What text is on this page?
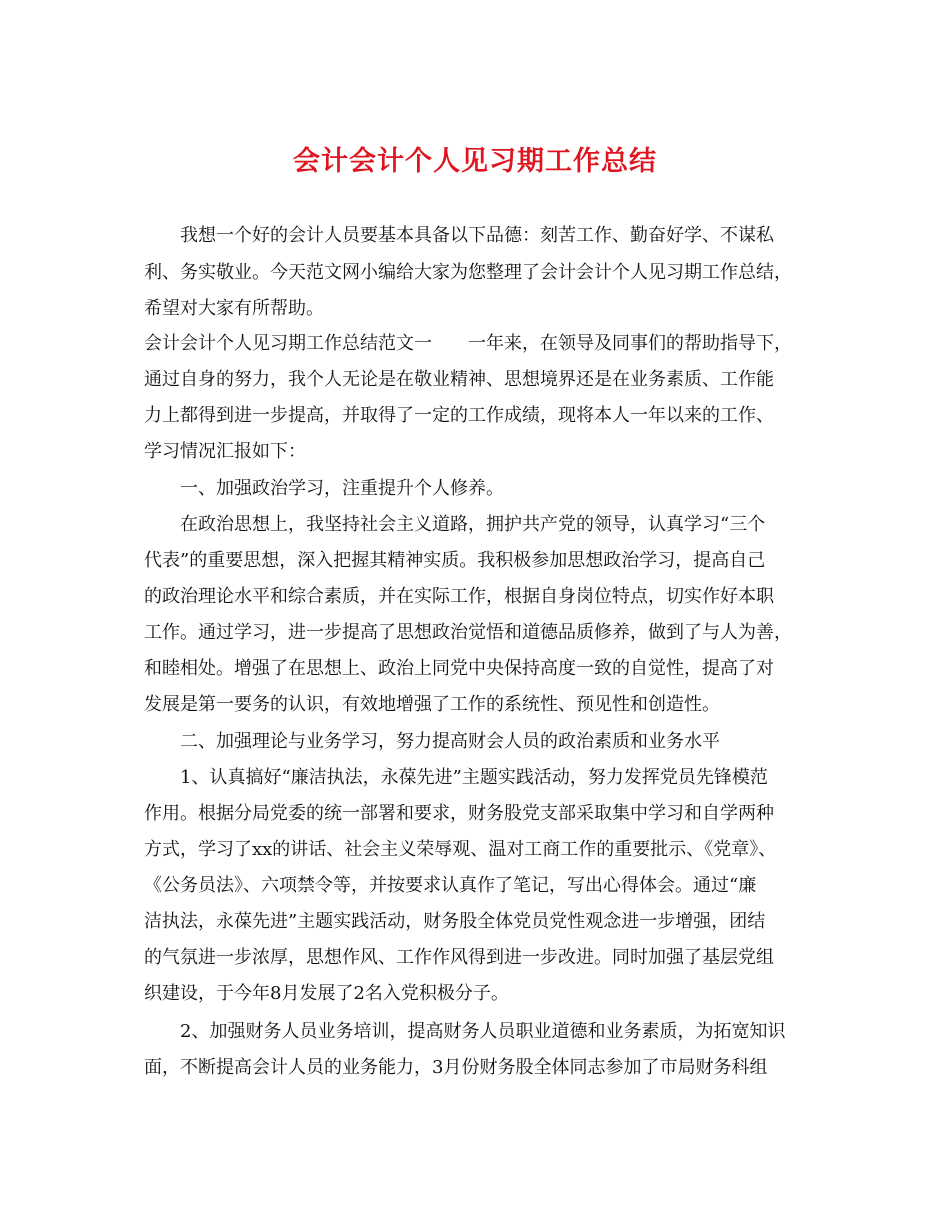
会计会计个人见习期工作总结

我想一个好的会计人员要基本具备以下品德：刻苦工作、勤奋好学、不谋私

利、务实敬业。今天范文网小编给大家为您整理了会计会计个人见习期工作总结，

希望对大家有所帮助。

会计会计个人见习期工作总结范文一　　一年来，在领导及同事们的帮助指导下，

通过自身的努力，我个人无论是在敬业精神、思想境界还是在业务素质、工作能

力上都得到进一步提高，并取得了一定的工作成绩，现将本人一年以来的工作、

学习情况汇报如下：

一、加强政治学习，注重提升个人修养。

在政治思想上，我坚持社会主义道路，拥护共产党的领导，认真学习“三个

代表”的重要思想，深入把握其精神实质。我积极参加思想政治学习，提高自己

的政治理论水平和综合素质，并在实际工作，根据自身岗位特点，切实作好本职

工作。通过学习，进一步提高了思想政治觉悟和道德品质修养，做到了与人为善，

和睦相处。增强了在思想上、政治上同党中央保持高度一致的自觉性，提高了对

发展是第一要务的认识，有效地增强了工作的系统性、预见性和创造性。

二、加强理论与业务学习，努力提高财会人员的政治素质和业务水平

1、认真搞好“廉洁执法，永葆先进”主题实践活动，努力发挥党员先锋模范

作用。根据分局党委的统一部署和要求，财务股党支部采取集中学习和自学两种

方式，学习了xx的讲话、社会主义荣辱观、温对工商工作的重要批示、《党章》、

《公务员法》、六项禁令等，并按要求认真作了笔记，写出心得体会。通过“廉

洁执法，永葆先进”主题实践活动，财务股全体党员党性观念进一步增强，团结

的气氛进一步浓厚，思想作风、工作作风得到进一步改进。同时加强了基层党组

织建设，于今年8月发展了2名入党积极分子。

2、加强财务人员业务培训，提高财务人员职业道德和业务素质，为拓宽知识

面，不断提高会计人员的业务能力，3月份财务股全体同志参加了市局财务科组
